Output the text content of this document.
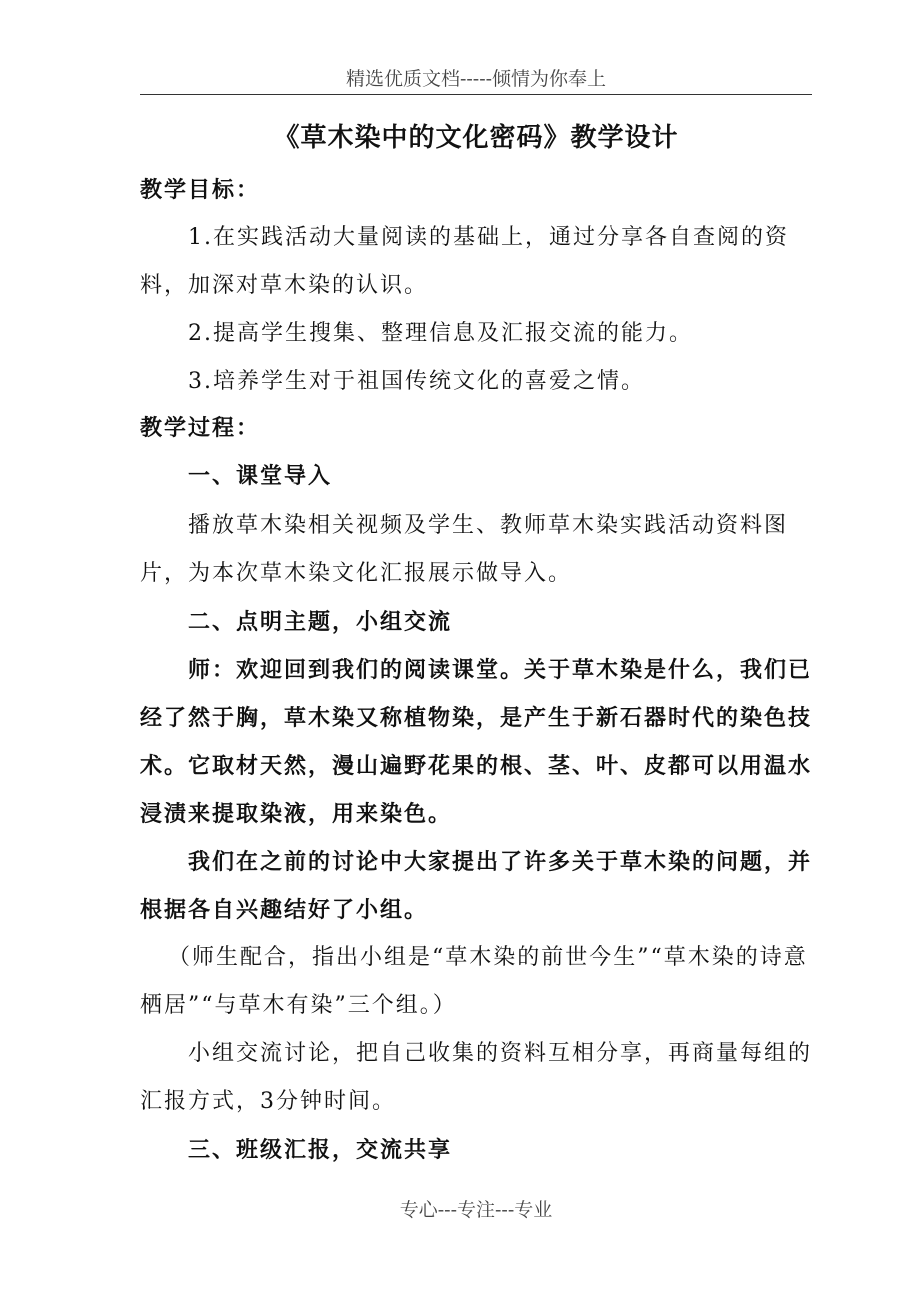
精选优质文档-----倾情为你奉上
《草木染中的文化密码》教学设计
教学目标：
1.在实践活动大量阅读的基础上，通过分享各自查阅的资料，加深对草木染的认识。
2.提高学生搜集、整理信息及汇报交流的能力。
3.培养学生对于祖国传统文化的喜爱之情。
教学过程：
一、课堂导入
播放草木染相关视频及学生、教师草木染实践活动资料图片，为本次草木染文化汇报展示做导入。
二、点明主题，小组交流
师：欢迎回到我们的阅读课堂。关于草木染是什么，我们已经了然于胸，草木染又称植物染，是产生于新石器时代的染色技术。它取材天然，漫山遍野花果的根、茎、叶、皮都可以用温水浸渍来提取染液，用来染色。
我们在之前的讨论中大家提出了许多关于草木染的问题，并根据各自兴趣结好了小组。
（师生配合，指出小组是“草木染的前世今生”“草木染的诗意栖居”“与草木有染”三个组。）
小组交流讨论，把自己收集的资料互相分享，再商量每组的汇报方式，3分钟时间。
三、班级汇报，交流共享
专心---专注---专业
